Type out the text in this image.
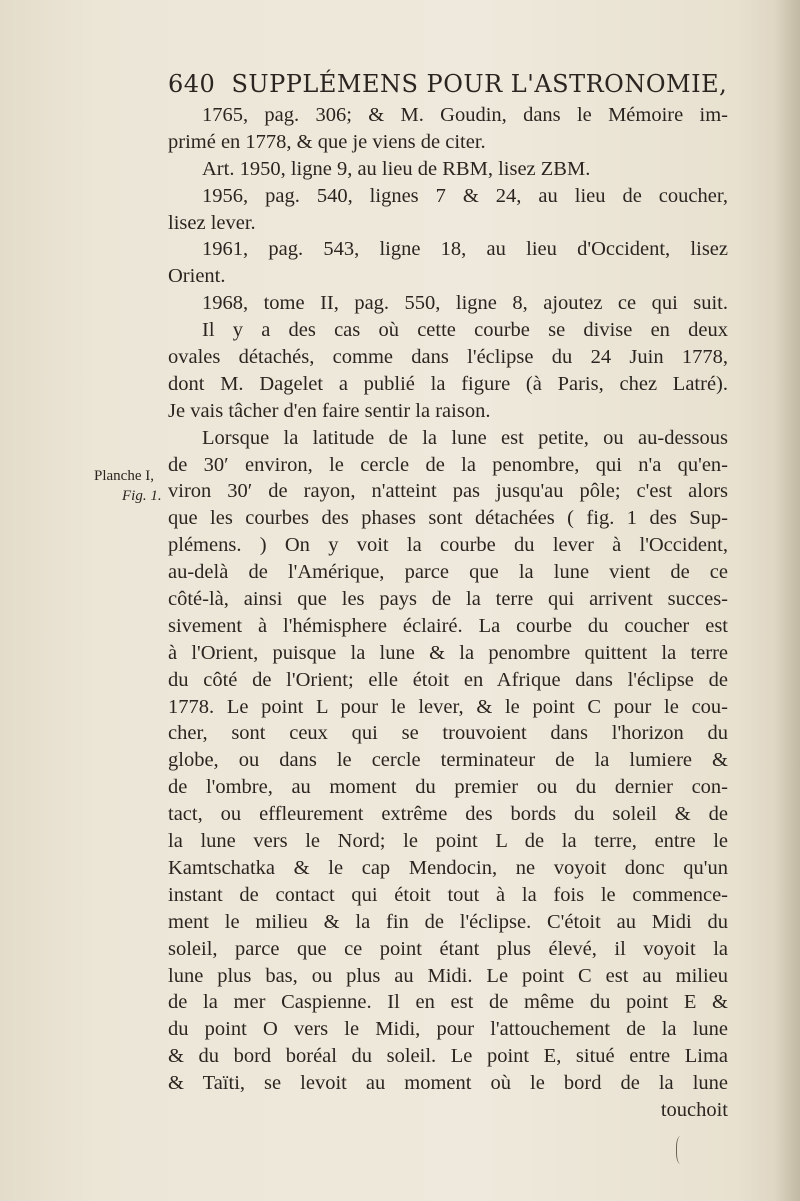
640 SUPPLÉMENS POUR L'ASTRONOMIE,
Planche I,
Fig. 1.
1765, pag. 306; & M. Goudin, dans le Mémoire im-
primé en 1778, & que je viens de citer.
Art. 1950, ligne 9, au lieu de RBM, lisez ZBM.
1956, pag. 540, lignes 7 & 24, au lieu de coucher,
lisez lever.
1961, pag. 543, ligne 18, au lieu d'Occident, lisez
Orient.
1968, tome II, pag. 550, ligne 8, ajoutez ce qui suit.
Il y a des cas où cette courbe se divise en deux
ovales détachés, comme dans l'éclipse du 24 Juin 1778,
dont M. Dagelet a publié la figure (à Paris, chez Latré).
Je vais tâcher d'en faire sentir la raison.
Lorsque la latitude de la lune est petite, ou au-dessous
de 30′ environ, le cercle de la penombre, qui n'a qu'en-
viron 30′ de rayon, n'atteint pas jusqu'au pôle; c'est alors
que les courbes des phases sont détachées ( fig. 1 des Sup-
plémens. ) On y voit la courbe du lever à l'Occident,
au-delà de l'Amérique, parce que la lune vient de ce
côté-là, ainsi que les pays de la terre qui arrivent succes-
sivement à l'hémisphere éclairé. La courbe du coucher est
à l'Orient, puisque la lune & la penombre quittent la terre
du côté de l'Orient; elle étoit en Afrique dans l'éclipse de
1778. Le point L pour le lever, & le point C pour le cou-
cher, sont ceux qui se trouvoient dans l'horizon du
globe, ou dans le cercle terminateur de la lumiere &
de l'ombre, au moment du premier ou du dernier con-
tact, ou effleurement extrême des bords du soleil & de
la lune vers le Nord; le point L de la terre, entre le
Kamtschatka & le cap Mendocin, ne voyoit donc qu'un
instant de contact qui étoit tout à la fois le commence-
ment le milieu & la fin de l'éclipse. C'étoit au Midi du
soleil, parce que ce point étant plus élevé, il voyoit la
lune plus bas, ou plus au Midi. Le point C est au milieu
de la mer Caspienne. Il en est de même du point E &
du point O vers le Midi, pour l'attouchement de la lune
& du bord boréal du soleil. Le point E, situé entre Lima
& Taïti, se levoit au moment où le bord de la lune
touchoit
